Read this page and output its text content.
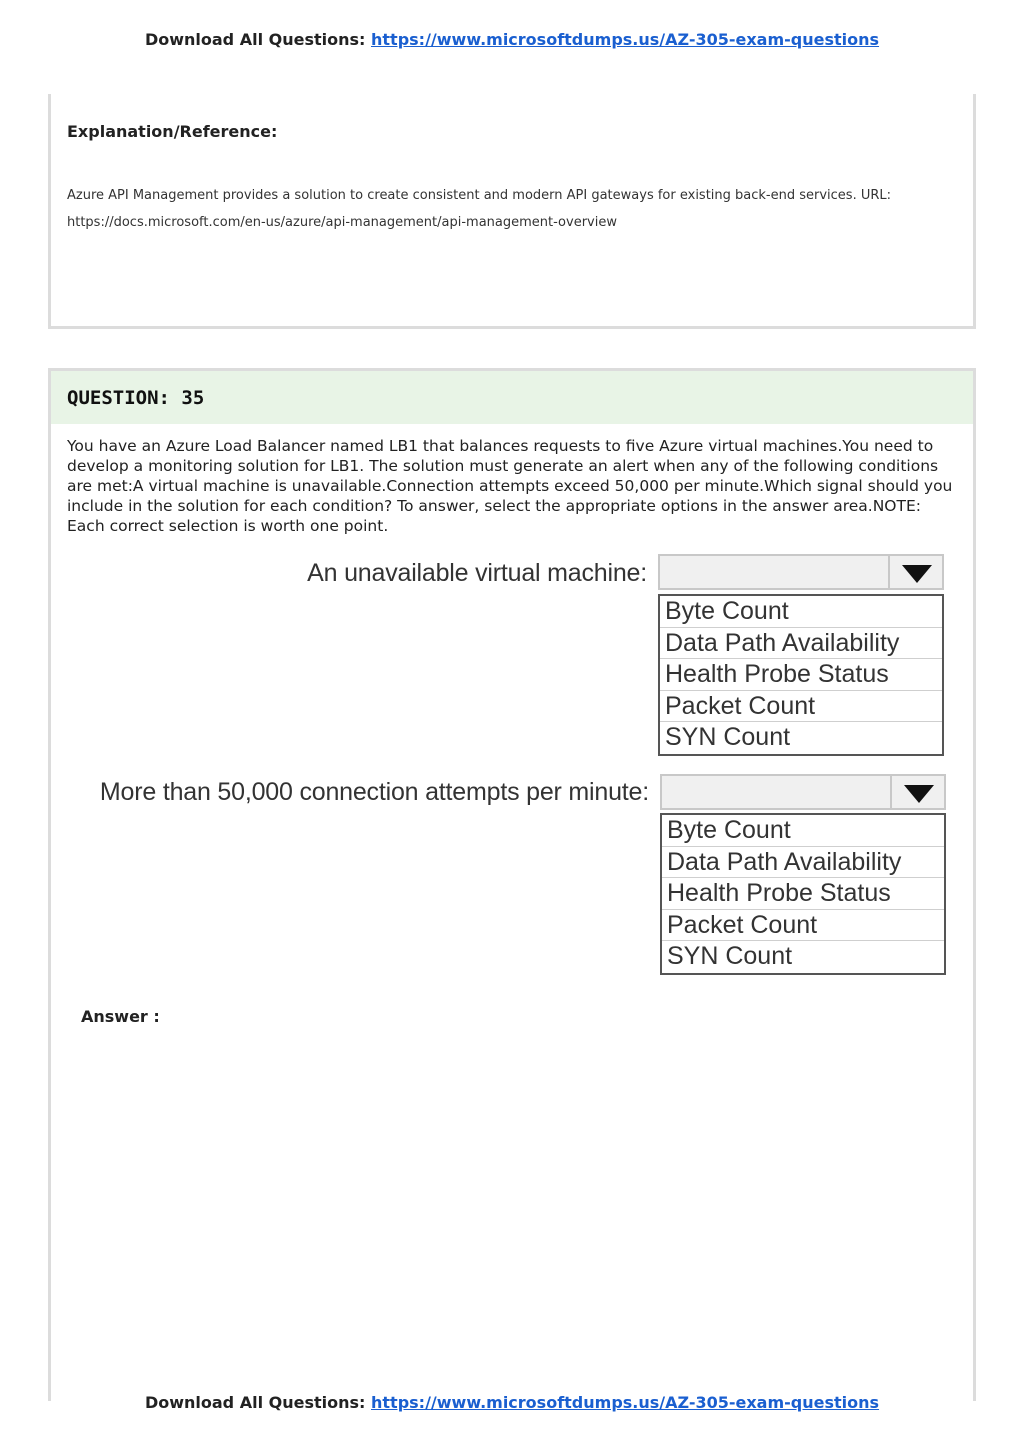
Download All Questions: https://www.microsoftdumps.us/AZ-305-exam-questions
Explanation/Reference:
Azure API Management provides a solution to create consistent and modern API gateways for existing back-end services. URL:
https://docs.microsoft.com/en-us/azure/api-management/api-management-overview
QUESTION: 35
You have an Azure Load Balancer named LB1 that balances requests to five Azure virtual machines.You need to develop a monitoring solution for LB1. The solution must generate an alert when any of the following conditions are met:A virtual machine is unavailable.Connection attempts exceed 50,000 per minute.Which signal should you include in the solution for each condition? To answer, select the appropriate options in the answer area.NOTE: Each correct selection is worth one point.
An unavailable virtual machine:
Byte Count
Data Path Availability
Health Probe Status
Packet Count
SYN Count
More than 50,000 connection attempts per minute:
Byte Count
Data Path Availability
Health Probe Status
Packet Count
SYN Count
Answer :
Download All Questions: https://www.microsoftdumps.us/AZ-305-exam-questions
